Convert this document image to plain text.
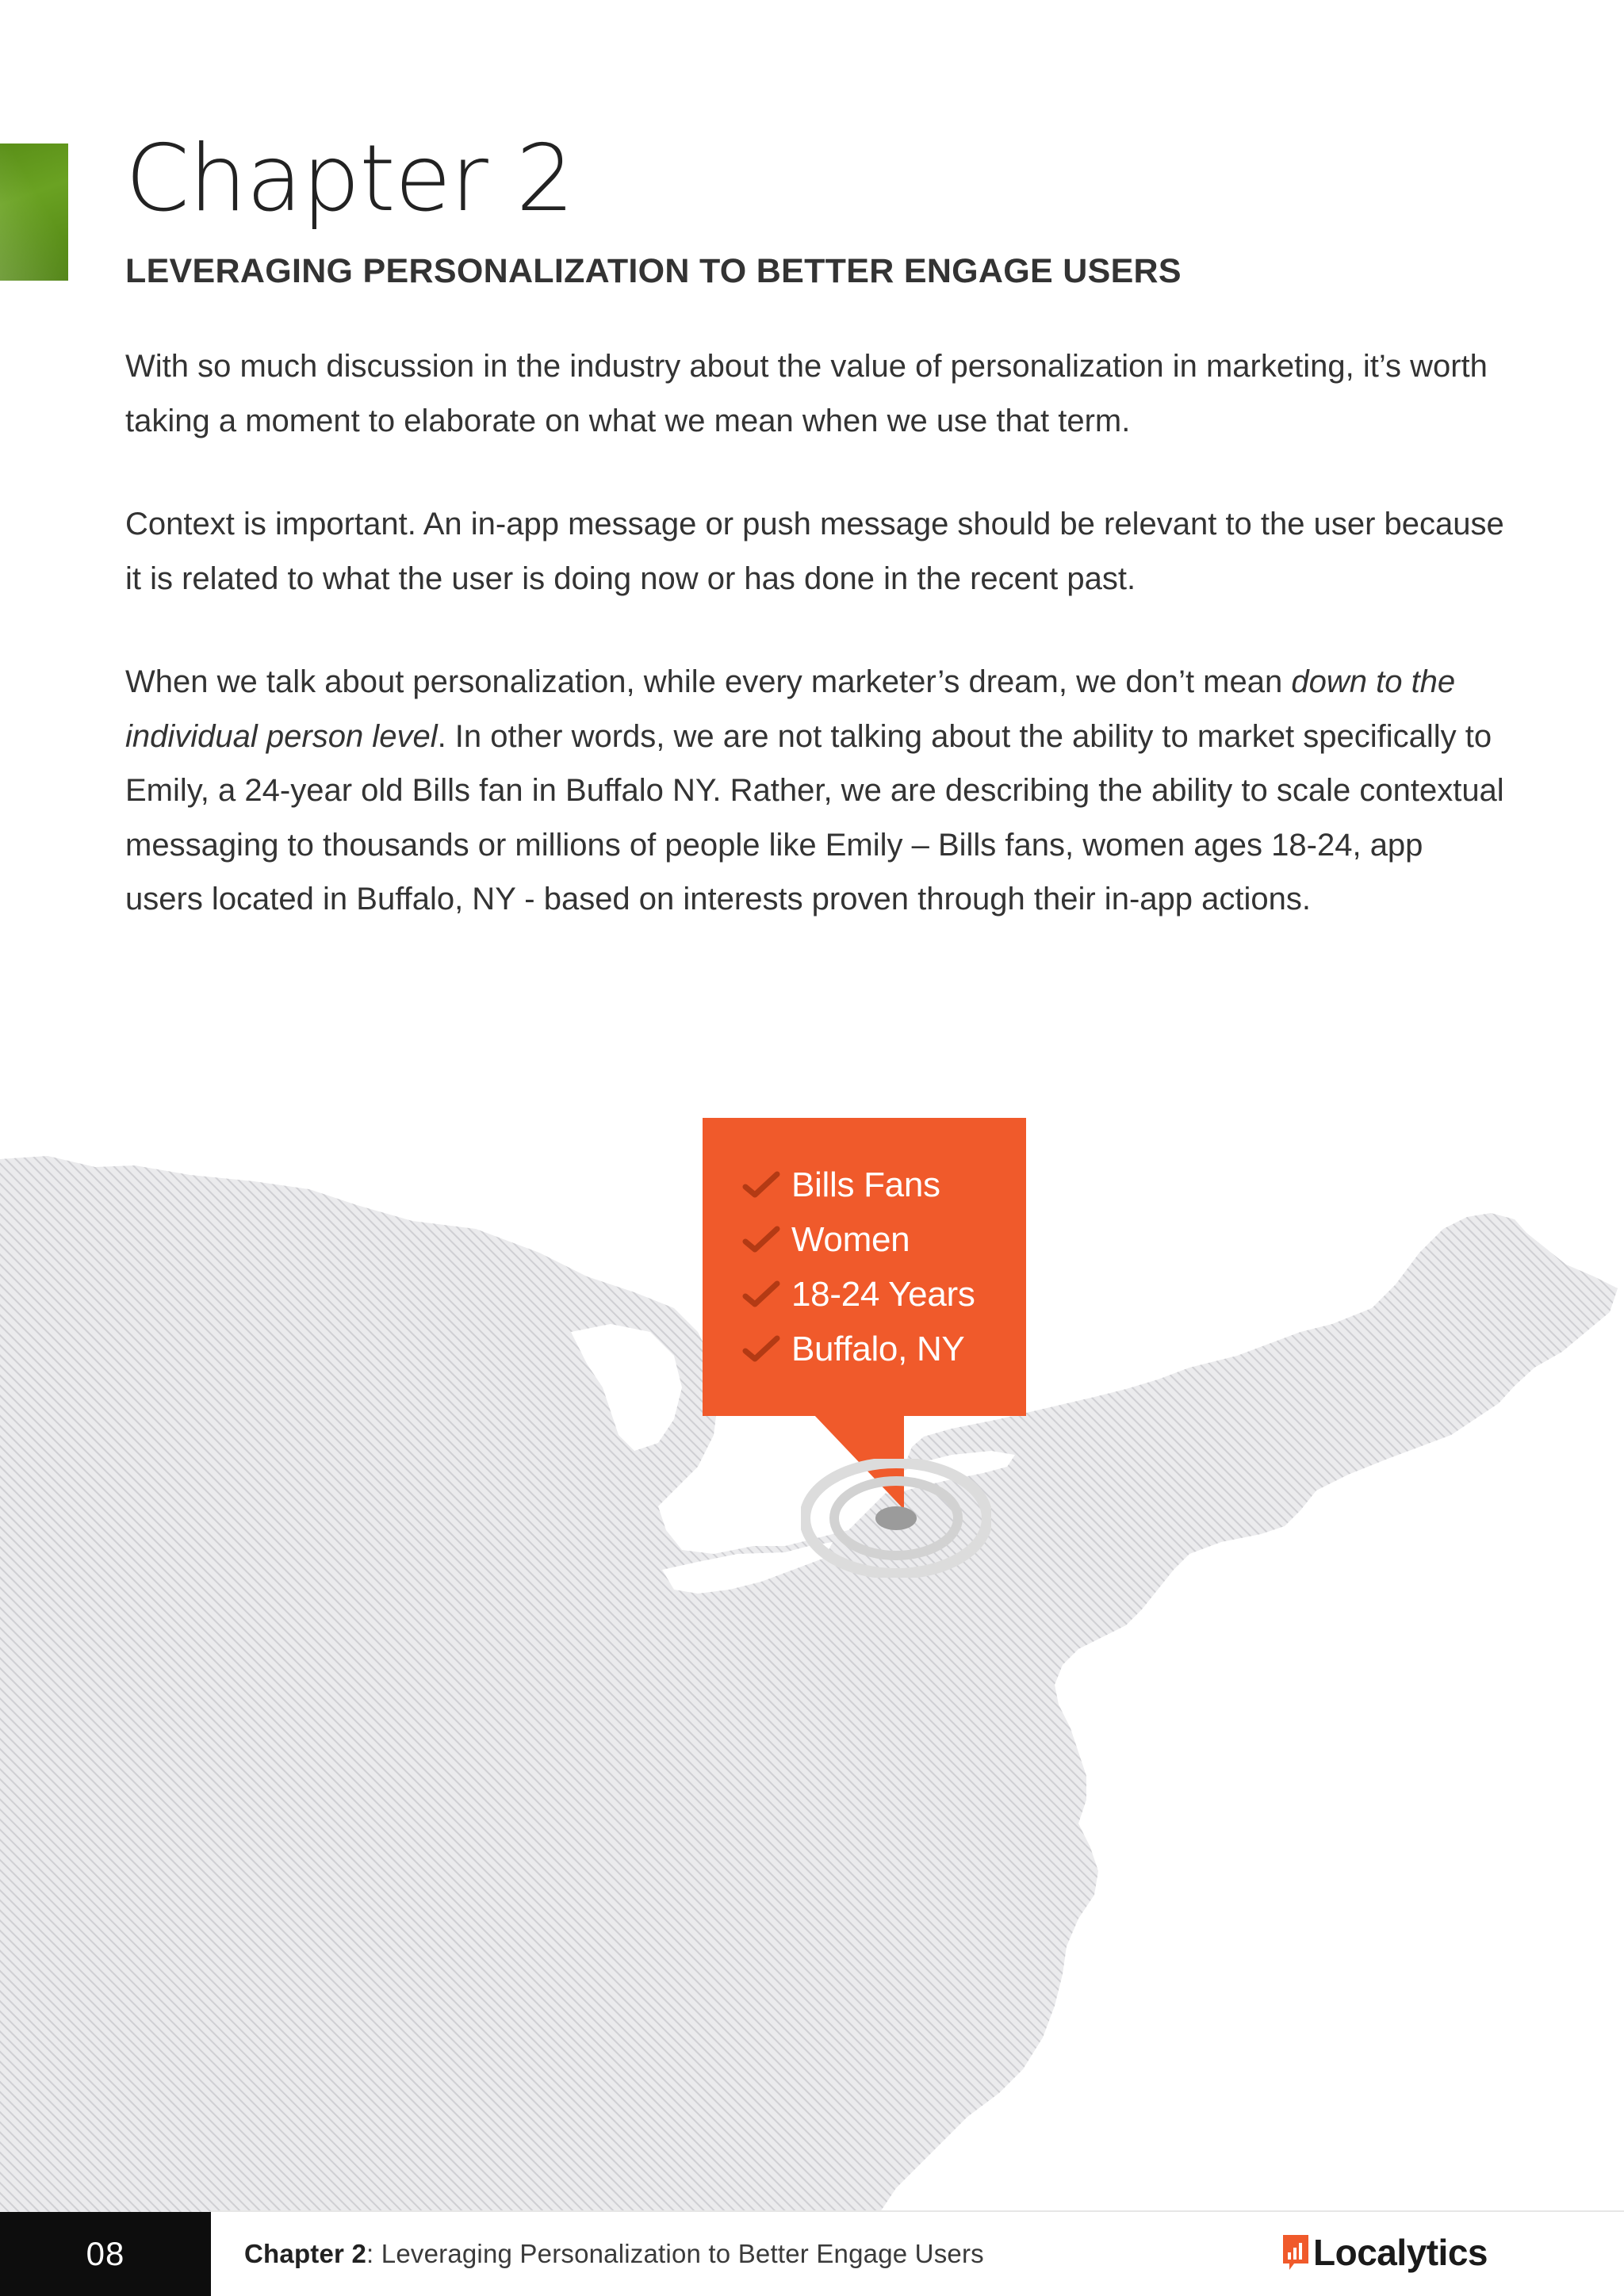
Chapter 2
LEVERAGING PERSONALIZATION TO BETTER ENGAGE USERS

With so much discussion in the industry about the value of personalization in marketing, it’s worth taking a moment to elaborate on what we mean when we use that term.

Context is important. An in-app message or push message should be relevant to the user because it is related to what the user is doing now or has done in the recent past.

When we talk about personalization, while every marketer’s dream, we don’t mean down to the individual person level. In other words, we are not talking about the ability to market specifically to Emily, a 24-year old Bills fan in Buffalo NY. Rather, we are describing the ability to scale contextual messaging to thousands or millions of people like Emily – Bills fans, women ages 18-24, app users located in Buffalo, NY - based on interests proven through their in-app actions.

Bills Fans
Women
18-24 Years
Buffalo, NY
08	Chapter 2: Leveraging Personalization to Better Engage Users	Localytics
